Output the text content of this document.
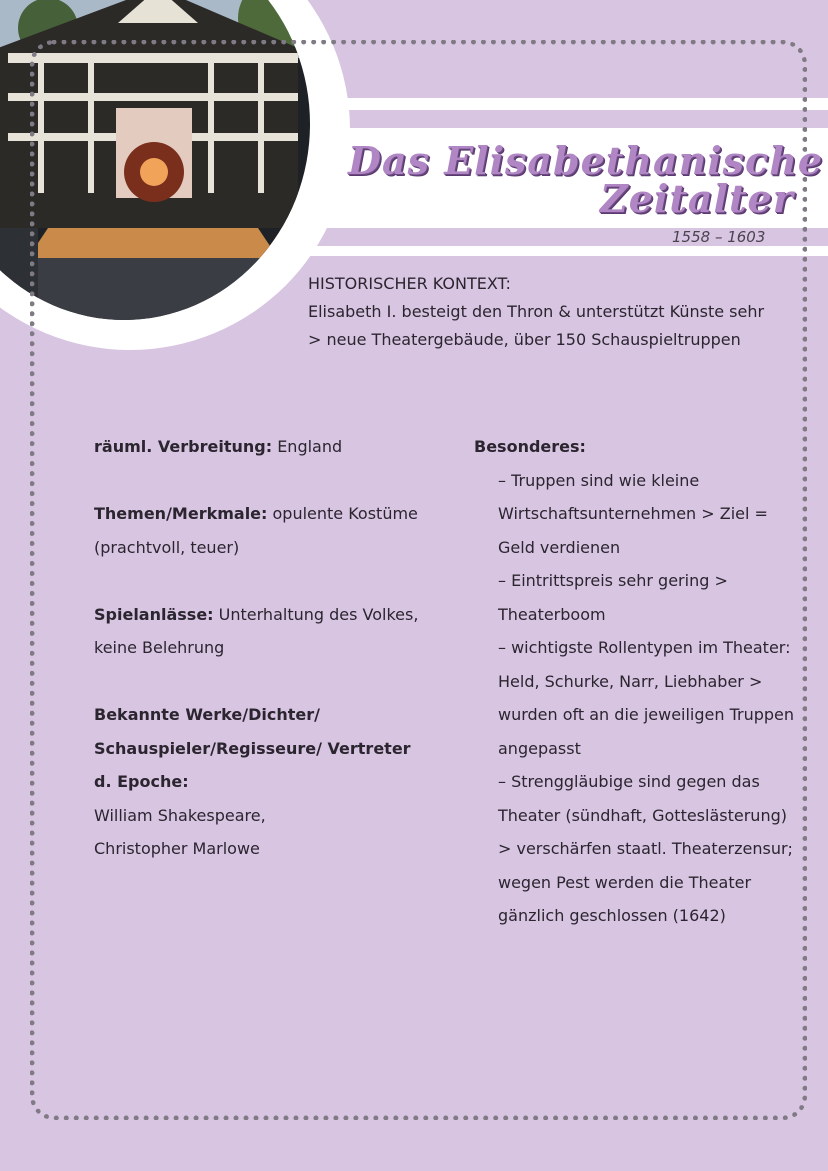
Das Elisabethanische
Zeitalter
1558 – 1603
HISTORISCHER KONTEXT:
Elisabeth I. besteigt den Thron & unterstützt Künste sehr > neue Theatergebäude, über 150 Schauspieltruppen

räuml. Verbreitung: England

Themen/Merkmale: opulente Kostüme (prachtvoll, teuer)

Spielanlässe: Unterhaltung des Volkes, keine Belehrung

Bekannte Werke/Dichter/ Schauspieler/Regisseure/ Vertreter d. Epoche:
William Shakespeare,
Christopher Marlowe

Besonderes:
– Truppen sind wie kleine Wirtschaftsunternehmen > Ziel = Geld verdienen
– Eintrittspreis sehr gering > Theaterboom
– wichtigste Rollentypen im Theater: Held, Schurke, Narr, Liebhaber > wurden oft an die jeweiligen Truppen angepasst
– Strenggläubige sind gegen das Theater (sündhaft, Gotteslästerung) > verschärfen staatl. Theaterzensur; wegen Pest werden die Theater gänzlich geschlossen (1642)
